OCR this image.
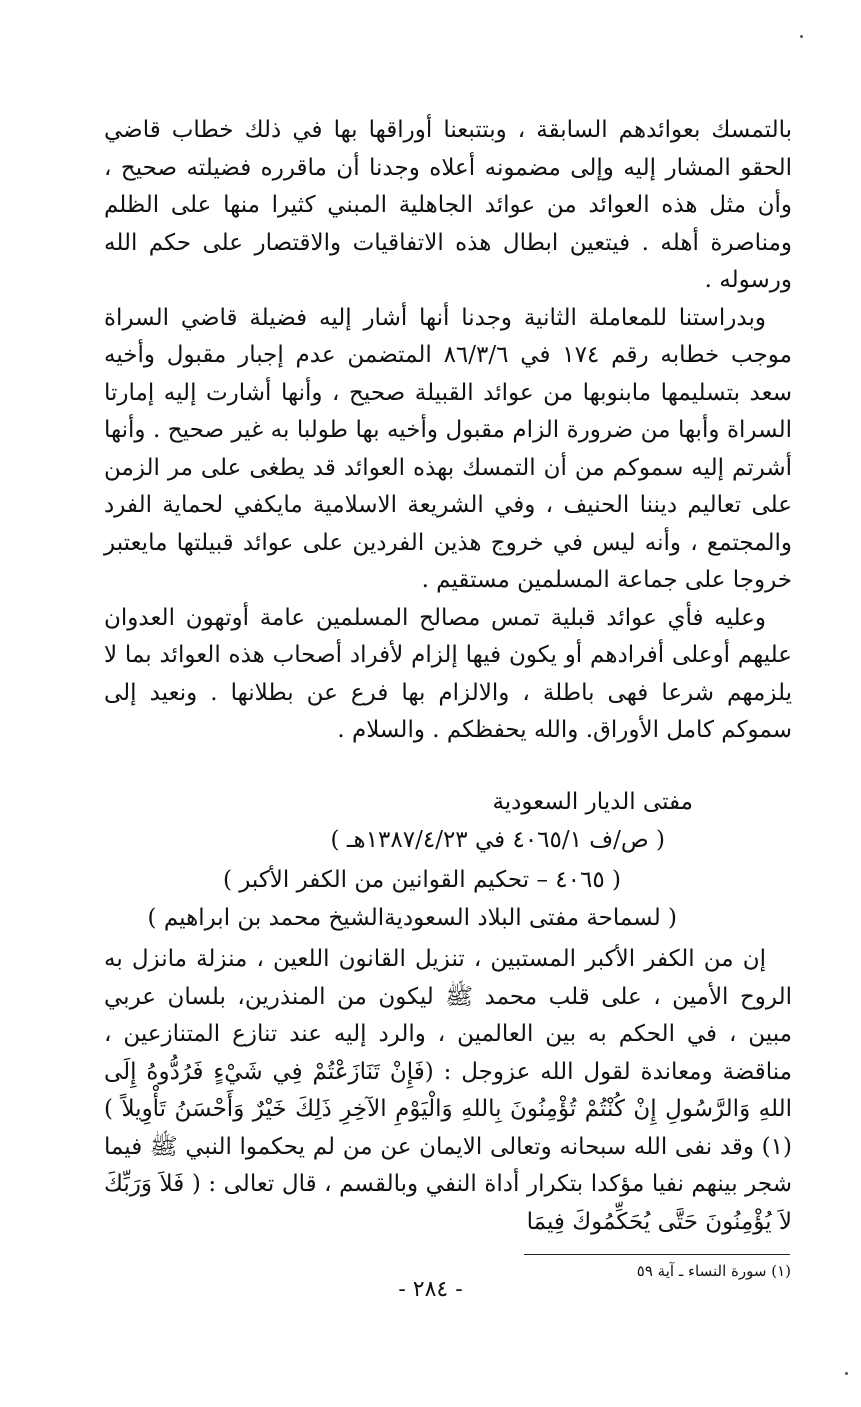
بالتمسك بعوائدهم السابقة ، وبتتبعنا أوراقها بها في ذلك خطاب قاضي الحقو المشار إليه وإلى مضمونه أعلاه وجدنا أن ماقرره فضيلته صحيح ، وأن مثل هذه العوائد من عوائد الجاهلية المبني كثيرا منها على الظلم ومناصرة أهله . فيتعين ابطال هذه الاتفاقيات والاقتصار على حكم الله ورسوله .

وبدراستنا للمعاملة الثانية وجدنا أنها أشار إليه فضيلة قاضي السراة موجب خطابه رقم ١٧٤ في ٨٦/٣/٦ المتضمن عدم إجبار مقبول وأخيه سعد بتسليمها مابنوبها من عوائد القبيلة صحيح ، وأنها أشارت إليه إمارتا السراة وأبها من ضرورة الزام مقبول وأخيه بها طولبا به غير صحيح . وأنها أشرتم إليه سموكم من أن التمسك بهذه العوائد قد يطغى على مر الزمن على تعاليم ديننا الحنيف ، وفي الشريعة الاسلامية مايكفي لحماية الفرد والمجتمع ، وأنه ليس في خروج هذين الفردين على عوائد قبيلتها مايعتبر خروجا على جماعة المسلمين مستقيم .

وعليه فأي عوائد قبلية تمس مصالح المسلمين عامة أوتهون العدوان عليهم أوعلى أفرادهم أو يكون فيها إلزام لأفراد أصحاب هذه العوائد بما لا يلزمهم شرعا فهى باطلة ، والالزام بها فرع عن بطلانها . ونعيد إلى سموكم كامل الأوراق. والله يحفظكم . والسلام .

مفتى الديار السعودية
( ص/ف ٤٠٦٥/١ في ١٣٨٧/٤/٢٣هـ )
( ٤٠٦٥ – تحكيم القوانين من الكفر الأكبر )
( لسماحة مفتى البلاد السعوديةالشيخ محمد بن ابراهيم )

إن من الكفر الأكبر المستبين ، تنزيل القانون اللعين ، منزلة مانزل به الروح الأمين ، على قلب محمد ﷺ ليكون من المنذرين، بلسان عربي مبين ، في الحكم به بين العالمين ، والرد إليه عند تنازع المتنازعين ، مناقضة ومعاندة لقول الله عزوجل : (فَإِنْ تَنَازَعْتُمْ فِي شَيْءٍ فَرُدُّوهُ إِلَى اللهِ وَالرَّسُولِ إِنْ كُنْتُمْ تُؤْمِنُونَ بِاللهِ وَالْيَوْمِ الآخِرِ ذَلِكَ خَيْرٌ وَأَحْسَنُ تَأْوِيلاً )(١) وقد نفى الله سبحانه وتعالى الايمان عن من لم يحكموا النبي ﷺ فيما شجر بينهم نفيا مؤكدا بتكرار أداة النفي وبالقسم ، قال تعالى : ( فَلاَ وَرَبِّكَ لاَ يُؤْمِنُونَ حَتَّى يُحَكِّمُوكَ فِيمَا

(١) سورة النساء ـ آية ٥٩
- ٢٨٤ -
